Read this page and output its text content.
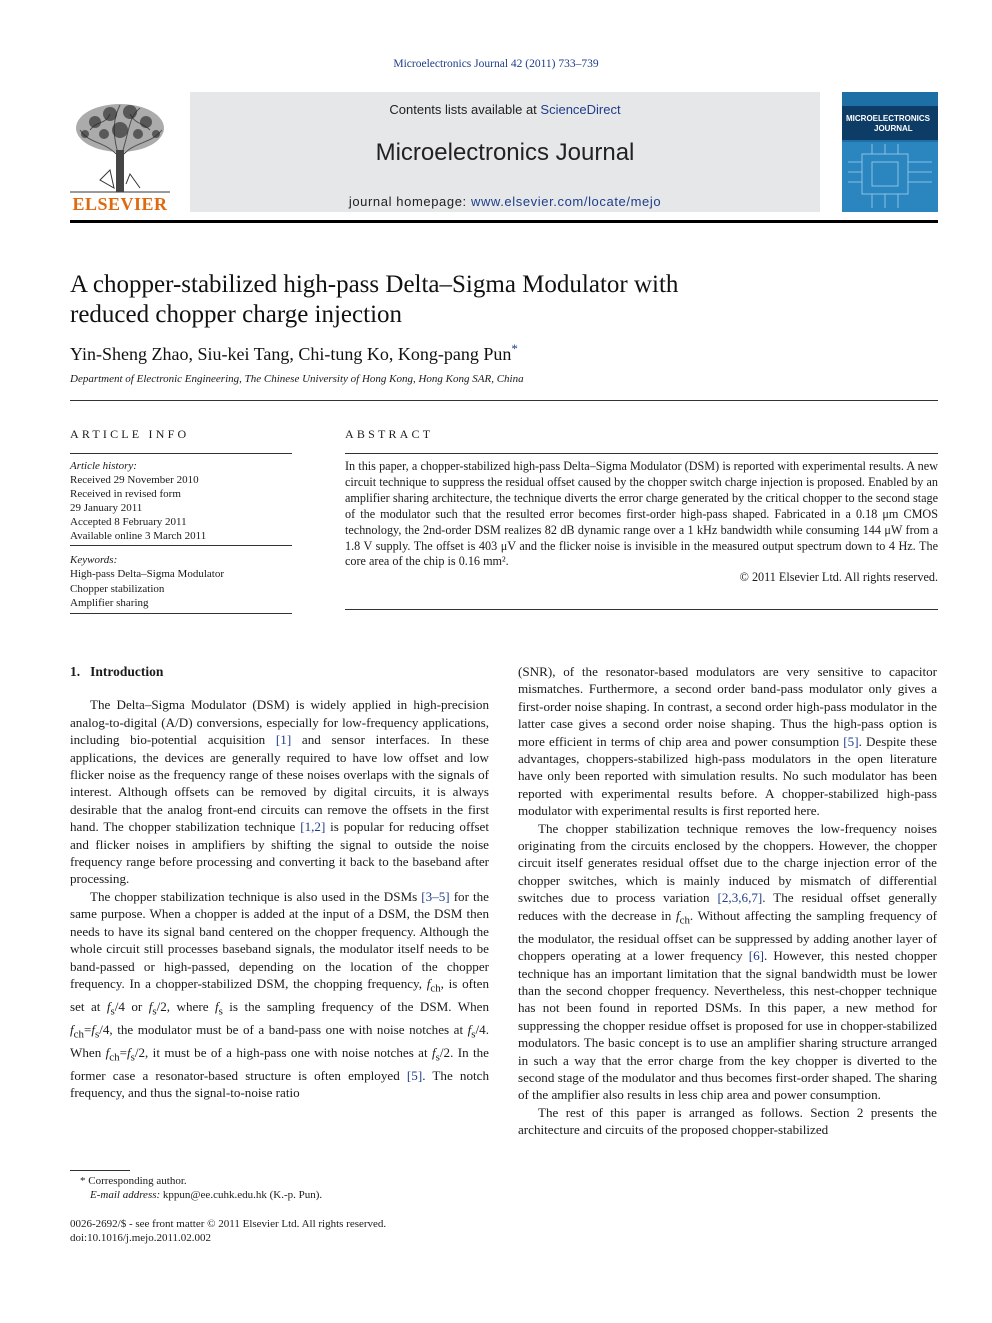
Microelectronics Journal 42 (2011) 733–739
ELSEVIER
Contents lists available at ScienceDirect
Microelectronics Journal
journal homepage: www.elsevier.com/locate/mejo
MICROELECTRONICS
JOURNAL
A chopper-stabilized high-pass Delta–Sigma Modulator with
reduced chopper charge injection
Yin-Sheng Zhao, Siu-kei Tang, Chi-tung Ko, Kong-pang Pun*
Department of Electronic Engineering, The Chinese University of Hong Kong, Hong Kong SAR, China
ARTICLE INFO	ABSTRACT
Article history:
Received 29 November 2010
Received in revised form
29 January 2011
Accepted 8 February 2011
Available online 3 March 2011
Keywords:
High-pass Delta–Sigma Modulator
Chopper stabilization
Amplifier sharing
In this paper, a chopper-stabilized high-pass Delta–Sigma Modulator (DSM) is reported with experimental results. A new circuit technique to suppress the residual offset caused by the chopper switch charge injection is proposed. Enabled by an amplifier sharing architecture, the technique diverts the error charge generated by the critical chopper to the second stage of the modulator such that the resulted error becomes first-order high-pass shaped. Fabricated in a 0.18 μm CMOS technology, the 2nd-order DSM realizes 82 dB dynamic range over a 1 kHz bandwidth while consuming 144 μW from a 1.8 V supply. The offset is 403 μV and the flicker noise is invisible in the measured output spectrum down to 4 Hz. The core area of the chip is 0.16 mm².
© 2011 Elsevier Ltd. All rights reserved.
1. Introduction

The Delta–Sigma Modulator (DSM) is widely applied in high-precision analog-to-digital (A/D) conversions, especially for low-frequency applications, including bio-potential acquisition [1] and sensor interfaces. In these applications, the devices are generally required to have low offset and low flicker noise as the frequency range of these noises overlaps with the signals of interest. Although offsets can be removed by digital circuits, it is always desirable that the analog front-end circuits can remove the offsets in the first hand. The chopper stabilization technique [1,2] is popular for reducing offset and flicker noises in amplifiers by shifting the signal to outside the noise frequency range before processing and converting it back to the baseband after processing.

The chopper stabilization technique is also used in the DSMs [3–5] for the same purpose. When a chopper is added at the input of a DSM, the DSM then needs to have its signal band centered on the chopper frequency. Although the whole circuit still processes baseband signals, the modulator itself needs to be band-passed or high-passed, depending on the location of the chopper frequency. In a chopper-stabilized DSM, the chopping frequency, $f_{ch}$, is often set at $f_s/4$ or $f_s/2$, where $f_s$ is the sampling frequency of the DSM. When $f_{ch}=f_s/4$, the modulator must be of a band-pass one with noise notches at $f_s/4$. When $f_{ch}=f_s/2$, it must be of a high-pass one with noise notches at $f_s/2$. In the former case a resonator-based structure is often employed [5]. The notch frequency, and thus the signal-to-noise ratio

(SNR), of the resonator-based modulators are very sensitive to capacitor mismatches. Furthermore, a second order band-pass modulator only gives a first-order noise shaping. In contrast, a second order high-pass modulator in the latter case gives a second order noise shaping. Thus the high-pass option is more efficient in terms of chip area and power consumption [5]. Despite these advantages, choppers-stabilized high-pass modulators in the open literature have only been reported with simulation results. No such modulator has been reported with experimental results before. A chopper-stabilized high-pass modulator with experimental results is first reported here.

The chopper stabilization technique removes the low-frequency noises originating from the circuits enclosed by the choppers. However, the chopper circuit itself generates residual offset due to the charge injection error of the chopper switches, which is mainly induced by mismatch of differential switches due to process variation [2,3,6,7]. The residual offset generally reduces with the decrease in $f_{ch}$. Without affecting the sampling frequency of the modulator, the residual offset can be suppressed by adding another layer of choppers operating at a lower frequency [6]. However, this nested chopper technique has an important limitation that the signal bandwidth must be lower than the second chopper frequency. Nevertheless, this nest-chopper technique has not been found in reported DSMs. In this paper, a new method for suppressing the chopper residue offset is proposed for use in chopper-stabilized modulators. The basic concept is to use an amplifier sharing structure arranged in such a way that the error charge from the key chopper is diverted to the second stage of the modulator and thus becomes first-order shaped. The sharing of the amplifier also results in less chip area and power consumption.

The rest of this paper is arranged as follows. Section 2 presents the architecture and circuits of the proposed chopper-stabilized

* Corresponding author.
E-mail address: kppun@ee.cuhk.edu.hk (K.-p. Pun).
0026-2692/$ - see front matter © 2011 Elsevier Ltd. All rights reserved.
doi:10.1016/j.mejo.2011.02.002
